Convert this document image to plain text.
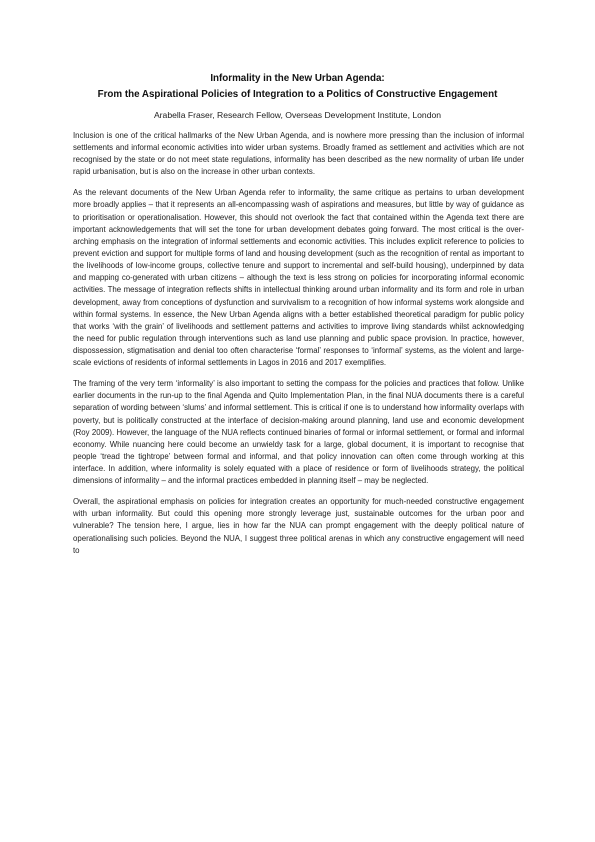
Informality in the New Urban Agenda:
From the Aspirational Policies of Integration to a Politics of Constructive Engagement
Arabella Fraser, Research Fellow, Overseas Development Institute, London

Inclusion is one of the critical hallmarks of the New Urban Agenda, and is nowhere more pressing than the inclusion of informal settlements and informal economic activities into wider urban systems. Broadly framed as settlement and activities which are not recognised by the state or do not meet state regulations, informality has been described as the new normality of urban life under rapid urbanisation, but is also on the increase in other urban contexts.

As the relevant documents of the New Urban Agenda refer to informality, the same critique as pertains to urban development more broadly applies – that it represents an all-encompassing wash of aspirations and measures, but little by way of guidance as to prioritisation or operationalisation. However, this should not overlook the fact that contained within the Agenda text there are important acknowledgements that will set the tone for urban development debates going forward. The most critical is the over-arching emphasis on the integration of informal settlements and economic activities. This includes explicit reference to policies to prevent eviction and support for multiple forms of land and housing development (such as the recognition of rental as important to the livelihoods of low-income groups, collective tenure and support to incremental and self-build housing), underpinned by data and mapping co-generated with urban citizens – although the text is less strong on policies for incorporating informal economic activities. The message of integration reflects shifts in intellectual thinking around urban informality and its form and role in urban development, away from conceptions of dysfunction and survivalism to a recognition of how informal systems work alongside and within formal systems. In essence, the New Urban Agenda aligns with a better established theoretical paradigm for public policy that works ‘with the grain’ of livelihoods and settlement patterns and activities to improve living standards whilst acknowledging the need for public regulation through interventions such as land use planning and public space provision. In practice, however, dispossession, stigmatisation and denial too often characterise ‘formal’ responses to ‘informal’ systems, as the violent and large-scale evictions of residents of informal settlements in Lagos in 2016 and 2017 exemplifies.

The framing of the very term ‘informality’ is also important to setting the compass for the policies and practices that follow. Unlike earlier documents in the run-up to the final Agenda and Quito Implementation Plan, in the final NUA documents there is a careful separation of wording between ‘slums’ and informal settlement. This is critical if one is to understand how informality overlaps with poverty, but is politically constructed at the interface of decision-making around planning, land use and economic development (Roy 2009). However, the language of the NUA reflects continued binaries of formal or informal settlement, or formal and informal economy. While nuancing here could become an unwieldy task for a large, global document, it is important to recognise that people ‘tread the tightrope’ between formal and informal, and that policy innovation can often come through working at this interface. In addition, where informality is solely equated with a place of residence or form of livelihoods strategy, the political dimensions of informality – and the informal practices embedded in planning itself – may be neglected.

Overall, the aspirational emphasis on policies for integration creates an opportunity for much-needed constructive engagement with urban informality. But could this opening more strongly leverage just, sustainable outcomes for the urban poor and vulnerable? The tension here, I argue, lies in how far the NUA can prompt engagement with the deeply political nature of operationalising such policies. Beyond the NUA, I suggest three political arenas in which any constructive engagement will need to
